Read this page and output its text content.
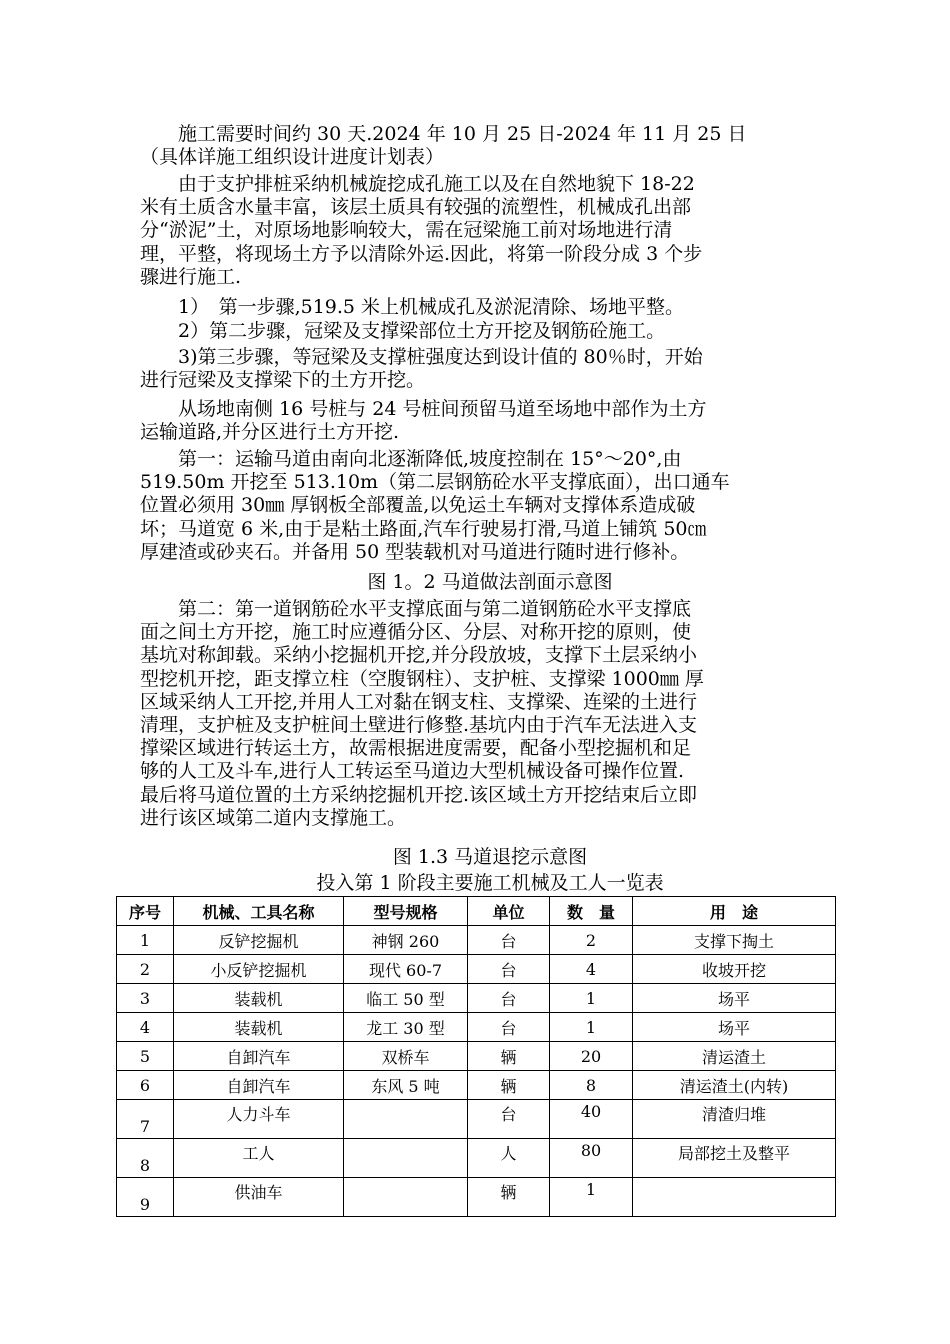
　　施工需要时间约 30 天.2024 年 10 月 25 日-2024 年 11 月 25 日
（具体详施工组织设计进度计划表）
　　由于支护排桩采纳机械旋挖成孔施工以及在自然地貌下 18-22
米有土质含水量丰富，该层土质具有较强的流塑性，机械成孔出部
分“淤泥”土，对原场地影响较大，需在冠梁施工前对场地进行清
理，平整，将现场土方予以清除外运.因此，将第一阶段分成 3 个步
骤进行施工.
　　1）　第一步骤,519.5 米上机械成孔及淤泥清除、场地平整。
　　2）第二步骤，冠梁及支撑梁部位土方开挖及钢筋砼施工。
　　3)第三步骤，等冠梁及支撑桩强度达到设计值的 80％时，开始
进行冠梁及支撑梁下的土方开挖。
　　从场地南侧 16 号桩与 24 号桩间预留马道至场地中部作为土方
运输道路,并分区进行土方开挖.
　　第一：运输马道由南向北逐渐降低,坡度控制在 15°～20°,由
519.50m 开挖至 513.10m（第二层钢筋砼水平支撑底面），出口通车
位置必须用 30㎜ 厚钢板全部覆盖,以免运土车辆对支撑体系造成破
坏；马道宽 6 米,由于是粘土路面,汽车行驶易打滑,马道上铺筑 50㎝
厚建渣或砂夹石。并备用 50 型装载机对马道进行随时进行修补。

图 1。2 马道做法剖面示意图

　　第二：第一道钢筋砼水平支撑底面与第二道钢筋砼水平支撑底
面之间土方开挖，施工时应遵循分区、分层、对称开挖的原则，使
基坑对称卸载。采纳小挖掘机开挖,并分段放坡，支撑下土层采纳小
型挖机开挖，距支撑立柱（空腹钢柱）、支护桩、支撑梁 1000㎜ 厚
区域采纳人工开挖,并用人工对黏在钢支柱、支撑梁、连梁的土进行
清理，支护桩及支护桩间土壁进行修整.基坑内由于汽车无法进入支
撑梁区域进行转运土方，故需根据进度需要，配备小型挖掘机和足
够的人工及斗车,进行人工转运至马道边大型机械设备可操作位置.
最后将马道位置的土方采纳挖掘机开挖.该区域土方开挖结束后立即
进行该区域第二道内支撑施工。

图 1.3 马道退挖示意图

投入第 1 阶段主要施工机械及工人一览表

序号	机械、工具名称	型号规格	单位	数　量	用　途
1	反铲挖掘机	神钢 260	台	2	支撑下掏土
2	小反铲挖掘机	现代 60-7	台	4	收坡开挖
3	装载机	临工 50 型	台	1	场平
4	装载机	龙工 30 型	台	1	场平
5	自卸汽车	双桥车	辆	20	清运渣土
6	自卸汽车	东风 5 吨	辆	8	清运渣土(内转)
7	人力斗车		台	40	清渣归堆
8	工人		人	80	局部挖土及整平
9	供油车		辆	1	
